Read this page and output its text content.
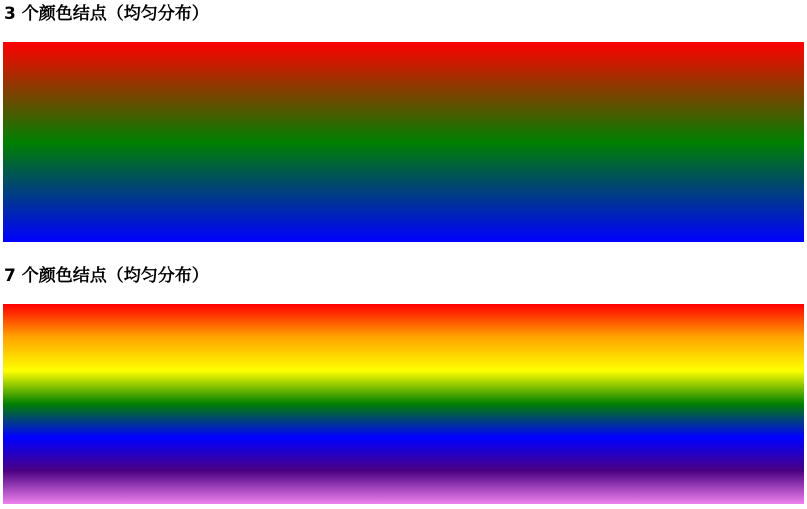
3 个颜色结点（均匀分布）
7 个颜色结点（均匀分布）
